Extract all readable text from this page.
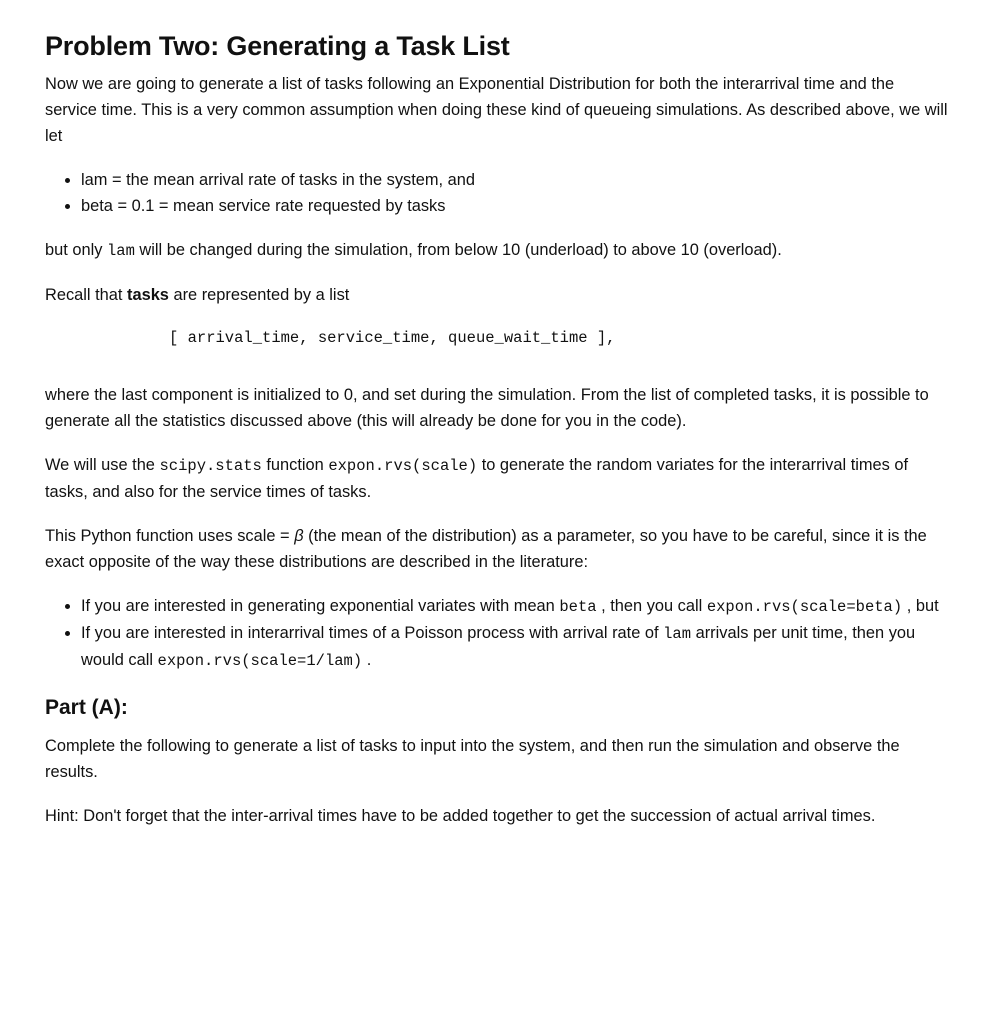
Problem Two: Generating a Task List

Now we are going to generate a list of tasks following an Exponential Distribution for both the interarrival time and the service time. This is a very common assumption when doing these kind of queueing simulations. As described above, we will let

• lam = the mean arrival rate of tasks in the system, and
• beta = 0.1 = mean service rate requested by tasks

but only lam will be changed during the simulation, from below 10 (underload) to above 10 (overload).

Recall that tasks are represented by a list

[ arrival_time, service_time, queue_wait_time ],

where the last component is initialized to 0, and set during the simulation. From the list of completed tasks, it is possible to generate all the statistics discussed above (this will already be done for you in the code).

We will use the scipy.stats function expon.rvs(scale) to generate the random variates for the interarrival times of tasks, and also for the service times of tasks.

This Python function uses scale = β (the mean of the distribution) as a parameter, so you have to be careful, since it is the exact opposite of the way these distributions are described in the literature:

• If you are interested in generating exponential variates with mean beta , then you call expon.rvs(scale=beta) , but
• If you are interested in interarrival times of a Poisson process with arrival rate of lam arrivals per unit time, then you would call expon.rvs(scale=1/lam) .
Part (A):

Complete the following to generate a list of tasks to input into the system, and then run the simulation and observe the results.

Hint: Don't forget that the inter-arrival times have to be added together to get the succession of actual arrival times.
